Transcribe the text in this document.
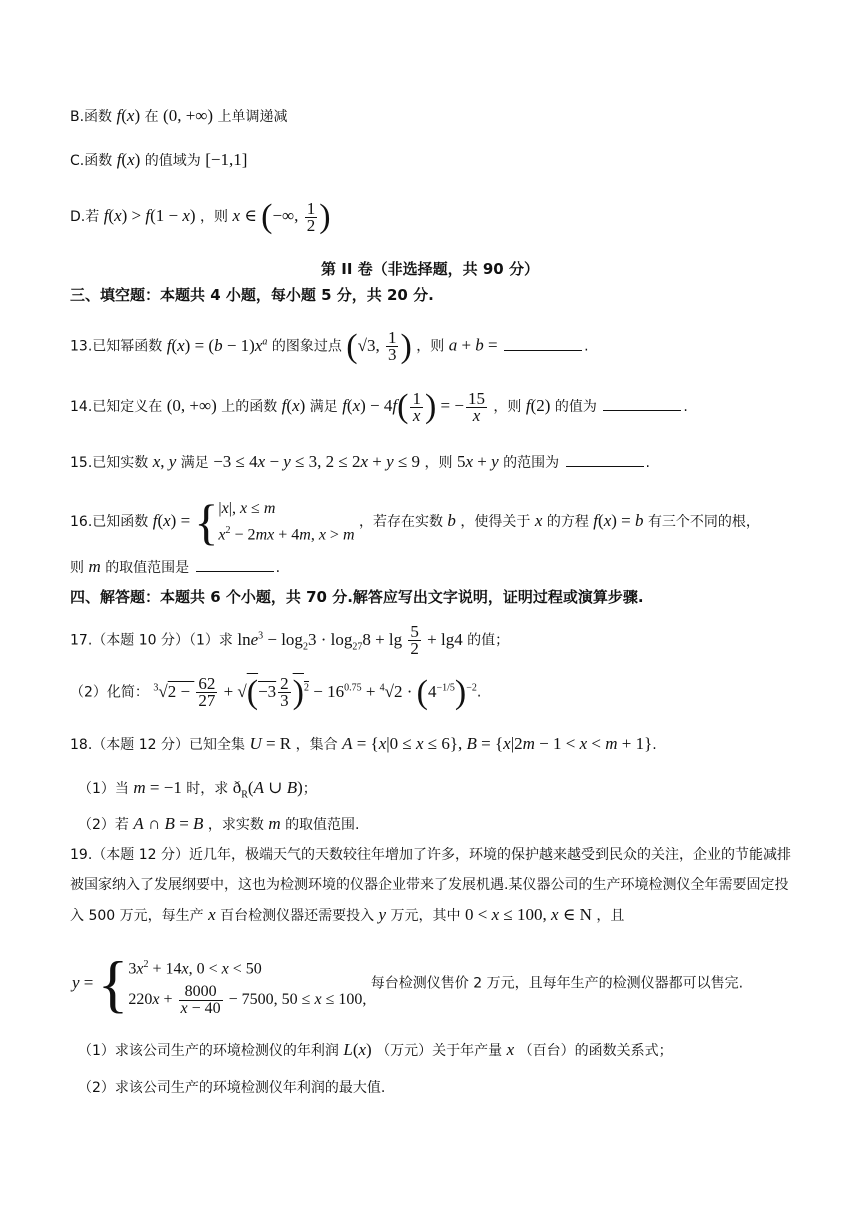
B.函数 f(x) 在 (0, +∞) 上单调递减
C.函数 f(x) 的值域为 [−1,1]
D.若 f(x) > f(1 − x) ，则 x ∈ (−∞, $\frac{1}{2}$ )
第 II 卷（非选择题，共 90 分）
三、填空题：本题共 4 小题，每小题 5 分，共 20 分.
13.已知幂函数 $f(x) = (b - 1)x^a$ 的图象过点 (√3, $\frac{1}{3}$ ) ，则 a + b =	.
14.已知定义在 (0, +∞) 上的函数 f(x) 满足 $f(x) - 4f( \frac{1}{x}$ ) = − $\frac{15}{x}$ ，则 f(2) 的值为	.
15.已知实数 x, y 满足 −3 ≤ 4x − y ≤ 3, 2 ≤ 2x + y ≤ 9 ，则 5x + y 的范围为	.
16.已知函数 f(x) = {|x|, x ≤ m
$x^2 - 2mx + 4m$, x > m ，若存在实数 b ，使得关于 x 的方程 f(x) = b 有三个不同的根，
则 m 的取值范围是	.
四、解答题：本题共 6 个小题，共 70 分.解答应写出文字说明，证明过程或演算步骤.
17.（本题 10 分）（1）求 $\ln e^3 - \log_23 \cdot \log_{27}8 + \lg \frac{5}{2} + \lg 4$ 的值；
（2）化简： $^3√2 - \frac{62}{27} + √(-3 \frac{2}{3} )^2 - 16^{0.75} + ^4√2 \cdot (4^{-1/5})^{-2}$.
18.（本题 12 分）已知全集 U = R ，集合 A = {x|0 ≤ x ≤ 6}, B = {x|2m − 1 < x < m + 1}.
（1）当 m = −1 时，求 $ð_R(A$ ∪ B)；
（2）若 A ∩ B = B ，求实数 m 的取值范围.
19.（本题 12 分）近几年，极端天气的天数较往年增加了许多，环境的保护越来越受到民众的关注，企业的节能减排被国家纳入了发展纲要中，这也为检测环境的仪器企业带来了发展机遇.某仪器公司的生产环境检测仪全年需要固定投入 500 万元，每生产 x 百台检测仪器还需要投入 y 万元，其中 0 < x ≤ 100, x ∈ N ，且
$y = \{3x^2 + 14x$, 0 < x < 50
$220x + \frac{8000}{x - 40} - 7500$, 50 ≤ x ≤ 100, 每台检测仪售价 2 万元，且每年生产的检测仪器都可以售完.
（1）求该公司生产的环境检测仪的年利润 L(x) （万元）关于年产量 x （百台）的函数关系式；
（2）求该公司生产的环境检测仪年利润的最大值.
